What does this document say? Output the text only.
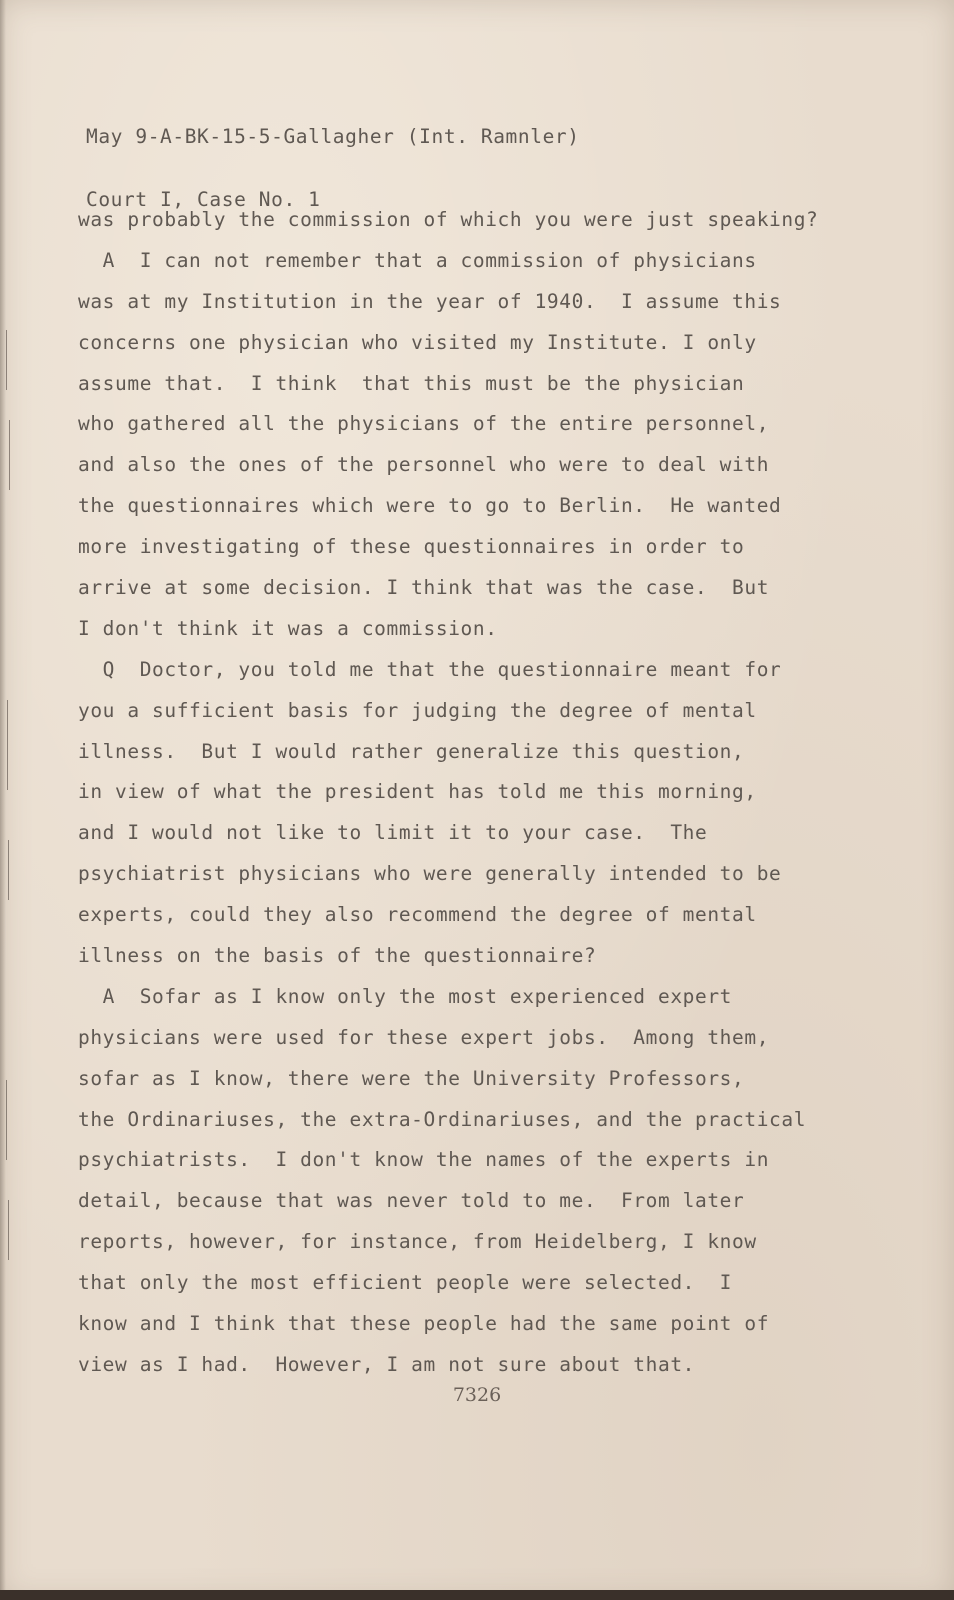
May 9-A-BK-15-5-Gallagher (Int. Ramnler)

Court I, Case No. 1

was probably the commission of which you were just speaking?
A  I can not remember that a commission of physicians
was at my Institution in the year of 1940.  I assume this
concerns one physician who visited my Institute. I only
assume that.  I think  that this must be the physician
who gathered all the physicians of the entire personnel,
and also the ones of the personnel who were to deal with
the questionnaires which were to go to Berlin.  He wanted
more investigating of these questionnaires in order to
arrive at some decision. I think that was the case.  But
I don't think it was a commission.
Q  Doctor, you told me that the questionnaire meant for
you a sufficient basis for judging the degree of mental
illness.  But I would rather generalize this question,
in view of what the president has told me this morning,
and I would not like to limit it to your case.  The
psychiatrist physicians who were generally intended to be
experts, could they also recommend the degree of mental
illness on the basis of the questionnaire?
A  Sofar as I know only the most experienced expert
physicians were used for these expert jobs.  Among them,
sofar as I know, there were the University Professors,
the Ordinariuses, the extra-Ordinariuses, and the practical
psychiatrists.  I don't know the names of the experts in
detail, because that was never told to me.  From later
reports, however, for instance, from Heidelberg, I know
that only the most efficient people were selected.  I
know and I think that these people had the same point of
view as I had.  However, I am not sure about that.
7326
